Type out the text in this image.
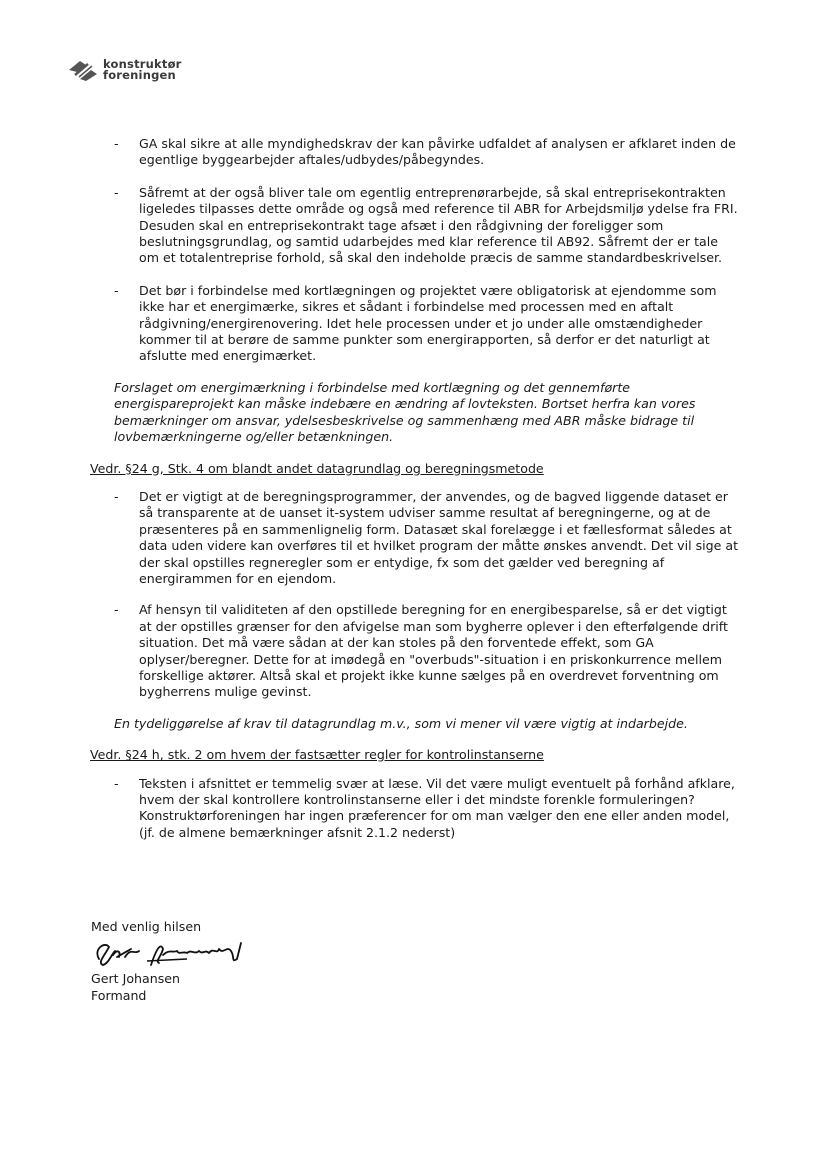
konstruktør
foreningen

- GA skal sikre at alle myndighedskrav der kan påvirke udfaldet af analysen er afklaret inden de egentlige byggearbejder aftales/udbydes/påbegyndes.

- Såfremt at der også bliver tale om egentlig entreprenørarbejde, så skal entreprisekontrakten ligeledes tilpasses dette område og også med reference til ABR for Arbejdsmiljø ydelse fra FRI. Desuden skal en entreprisekontrakt tage afsæt i den rådgivning der foreligger som beslutningsgrundlag, og samtid udarbejdes med klar reference til AB92. Såfremt der er tale om et totalentreprise forhold, så skal den indeholde præcis de samme standardbeskrivelser.

- Det bør i forbindelse med kortlægningen og projektet være obligatorisk at ejendomme som ikke har et energimærke, sikres et sådant i forbindelse med processen med en aftalt rådgivning/energirenovering. Idet hele processen under et jo under alle omstændigheder kommer til at berøre de samme punkter som energirapporten, så derfor er det naturligt at afslutte med energimærket.

Forslaget om energimærkning i forbindelse med kortlægning og det gennemførte energispareprojekt kan måske indebære en ændring af lovteksten. Bortset herfra kan vores bemærkninger om ansvar, ydelsesbeskrivelse og sammenhæng med ABR måske bidrage til lovbemærkningerne og/eller betænkningen.

Vedr. §24 g, Stk. 4 om blandt andet datagrundlag og beregningsmetode

- Det er vigtigt at de beregningsprogrammer, der anvendes, og de bagved liggende dataset er så transparente at de uanset it-system udviser samme resultat af beregningerne, og at de præsenteres på en sammenlignelig form. Datasæt skal forelægge i et fællesformat således at data uden videre kan overføres til et hvilket program der måtte ønskes anvendt. Det vil sige at der skal opstilles regneregler som er entydige, fx som det gælder ved beregning af energirammen for en ejendom.

- Af hensyn til validiteten af den opstillede beregning for en energibesparelse, så er det vigtigt at der opstilles grænser for den afvigelse man som bygherre oplever i den efterfølgende drift situation. Det må være sådan at der kan stoles på den forventede effekt, som GA oplyser/beregner. Dette for at imødegå en "overbuds"-situation i en priskonkurrence mellem forskellige aktører. Altså skal et projekt ikke kunne sælges på en overdrevet forventning om bygherrens mulige gevinst.

En tydeliggørelse af krav til datagrundlag m.v., som vi mener vil være vigtig at indarbejde.

Vedr. §24 h, stk. 2 om hvem der fastsætter regler for kontrolinstanserne

- Teksten i afsnittet er temmelig svær at læse. Vil det være muligt eventuelt på forhånd afklare, hvem der skal kontrollere kontrolinstanserne eller i det mindste forenkle formuleringen? Konstruktørforeningen har ingen præferencer for om man vælger den ene eller anden model, (jf. de almene bemærkninger afsnit 2.1.2 nederst)

Med venlig hilsen
Gert Johansen
Formand
